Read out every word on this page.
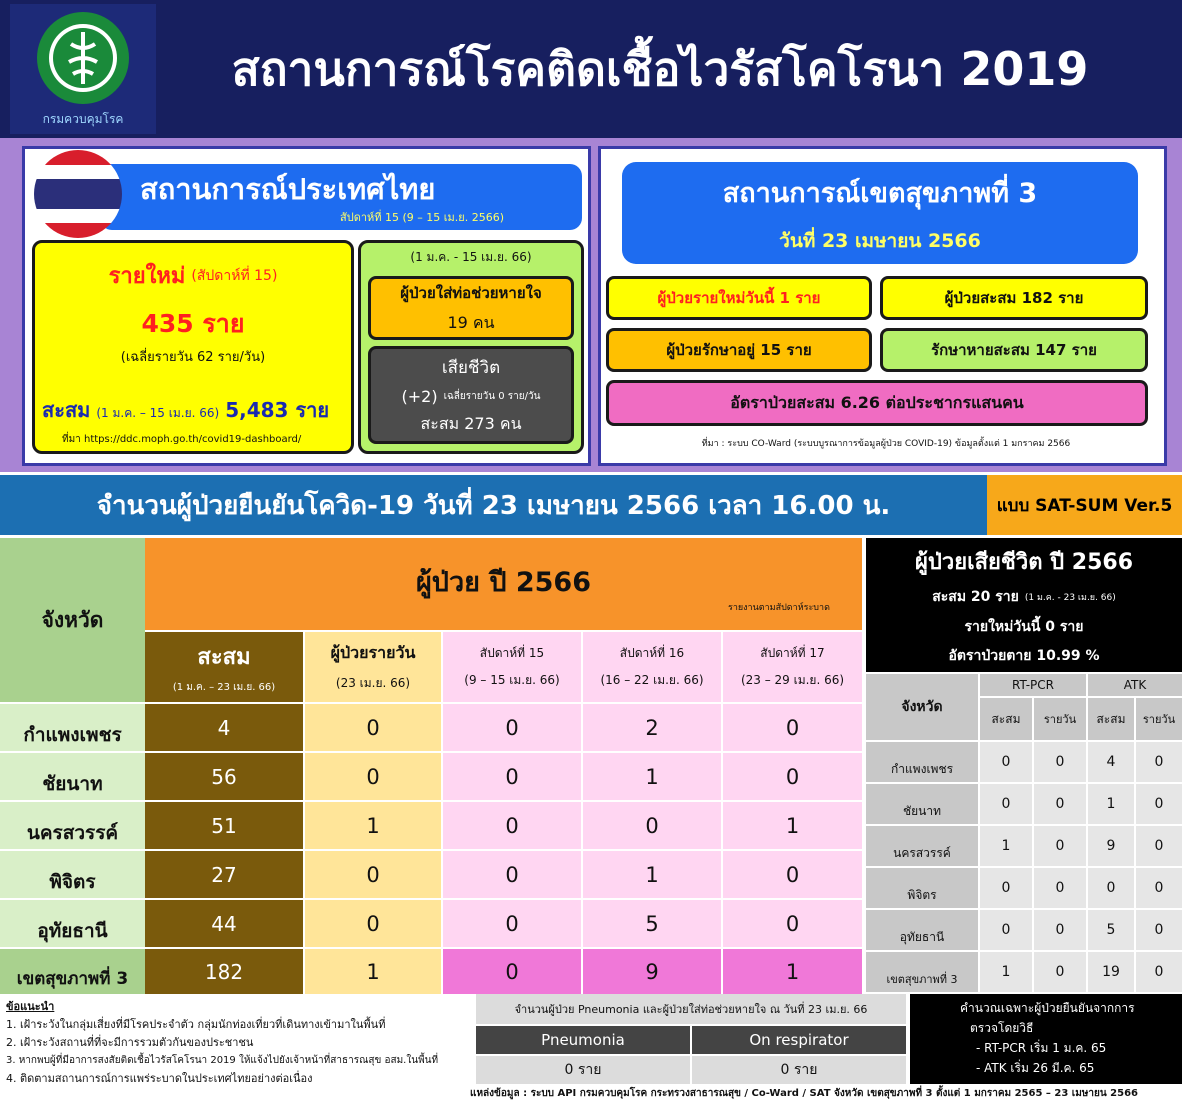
กรมควบคุมโรค
สถานการณ์โรคติดเชื้อไวรัสโคโรนา 2019
สถานการณ์ประเทศไทย
สัปดาห์ที่ 15 (9 – 15 เม.ย. 2566)
รายใหม่ (สัปดาห์ที่ 15)
435 ราย
(เฉลี่ยรายวัน 62 ราย/วัน)
สะสม (1 ม.ค. – 15 เม.ย. 66) 5,483 ราย
ที่มา https://ddc.moph.go.th/covid19-dashboard/
(1 ม.ค. - 15 เม.ย. 66)
ผู้ป่วยใส่ท่อช่วยหายใจ
19 คน
เสียชีวิต
(+2) เฉลี่ยรายวัน 0 ราย/วัน
สะสม 273 คน
สถานการณ์เขตสุขภาพที่ 3
วันที่ 23 เมษายน 2566
ผู้ป่วยรายใหม่วันนี้ 1 ราย	ผู้ป่วยสะสม 182 ราย
ผู้ป่วยรักษาอยู่ 15 ราย	รักษาหายสะสม 147 ราย
อัตราป่วยสะสม 6.26 ต่อประชากรแสนคน
ที่มา : ระบบ CO-Ward (ระบบบูรณาการข้อมูลผู้ป่วย COVID-19) ข้อมูลตั้งแต่ 1 มกราคม 2566
จำนวนผู้ป่วยยืนยันโควิด-19 วันที่ 23 เมษายน 2566 เวลา 16.00 น.	แบบ SAT-SUM Ver.5
จังหวัด
ผู้ป่วย ปี 2566
รายงานตามสัปดาห์ระบาด
สะสม
(1 ม.ค. – 23 เม.ย. 66)
ผู้ป่วยรายวัน
(23 เม.ย. 66)
สัปดาห์ที่ 15
(9 – 15 เม.ย. 66)
สัปดาห์ที่ 16
(16 – 22 เม.ย. 66)
สัปดาห์ที่ 17
(23 – 29 เม.ย. 66)
กำแพงเพชร	4	0	0	2	0
ชัยนาท	56	0	0	1	0
นครสวรรค์	51	1	0	0	1
พิจิตร	27	0	0	1	0
อุทัยธานี	44	0	0	5	0
เขตสุขภาพที่ 3	182	1	0	9	1
ผู้ป่วยเสียชีวิต ปี 2566
สะสม 20 ราย (1 ม.ค. - 23 เม.ย. 66)
รายใหม่วันนี้ 0 ราย
อัตราป่วยตาย 10.99 %
จังหวัด
RT-PCR	ATK
สะสม	รายวัน	สะสม	รายวัน
กำแพงเพชร	0	0	4	0
ชัยนาท	0	0	1	0
นครสวรรค์	1	0	9	0
พิจิตร	0	0	0	0
อุทัยธานี	0	0	5	0
เขตสุขภาพที่ 3	1	0	19	0
ข้อแนะนำ
1. เฝ้าระวังในกลุ่มเสี่ยงที่มีโรคประจำตัว กลุ่มนักท่องเที่ยวที่เดินทางเข้ามาในพื้นที่
2. เฝ้าระวังสถานที่ที่จะมีการรวมตัวกันของประชาชน
3. หากพบผู้ที่มีอาการสงสัยติดเชื้อไวรัสโคโรนา 2019 ให้แจ้งไปยังเจ้าหน้าที่สาธารณสุข อสม.ในพื้นที่
4. ติดตามสถานการณ์การแพร่ระบาดในประเทศไทยอย่างต่อเนื่อง
จำนวนผู้ป่วย Pneumonia และผู้ป่วยใส่ท่อช่วยหายใจ ณ วันที่ 23 เม.ย. 66
Pneumonia	On respirator
0 ราย	0 ราย
คำนวณเฉพาะผู้ป่วยยืนยันจากการ
ตรวจโดยวิธี
- RT-PCR เริ่ม 1 ม.ค. 65
- ATK เริ่ม 26 มี.ค. 65
แหล่งข้อมูล : ระบบ API กรมควบคุมโรค กระทรวงสาธารณสุข / Co-Ward / SAT จังหวัด เขตสุขภาพที่ 3 ตั้งแต่ 1 มกราคม 2565 – 23 เมษายน 2566
